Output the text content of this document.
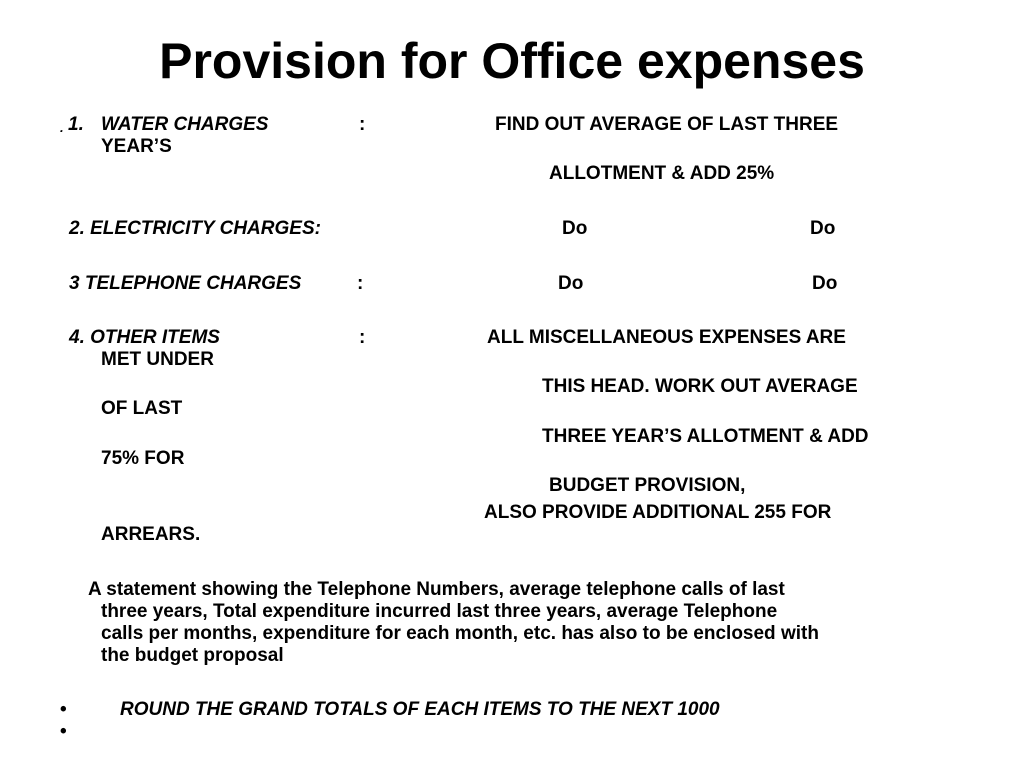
Provision for Office expenses
. 1. WATER CHARGES	:	FIND OUT AVERAGE OF LAST THREE
YEAR’S
ALLOTMENT & ADD 25%
2. ELECTRICITY CHARGES:	Do	Do
3 TELEPHONE CHARGES	:	Do	Do
4. OTHER ITEMS	:	ALL MISCELLANEOUS EXPENSES ARE
MET UNDER
THIS HEAD. WORK OUT AVERAGE
OF LAST
THREE YEAR’S ALLOTMENT & ADD
75% FOR
BUDGET PROVISION,
ALSO PROVIDE ADDITIONAL 255 FOR
ARREARS.
A statement showing the Telephone Numbers, average telephone calls of last
three years, Total expenditure incurred last three years, average Telephone
calls per months, expenditure for each month, etc. has also to be enclosed with
the budget proposal
•	ROUND THE GRAND TOTALS OF EACH ITEMS TO THE NEXT 1000
•
